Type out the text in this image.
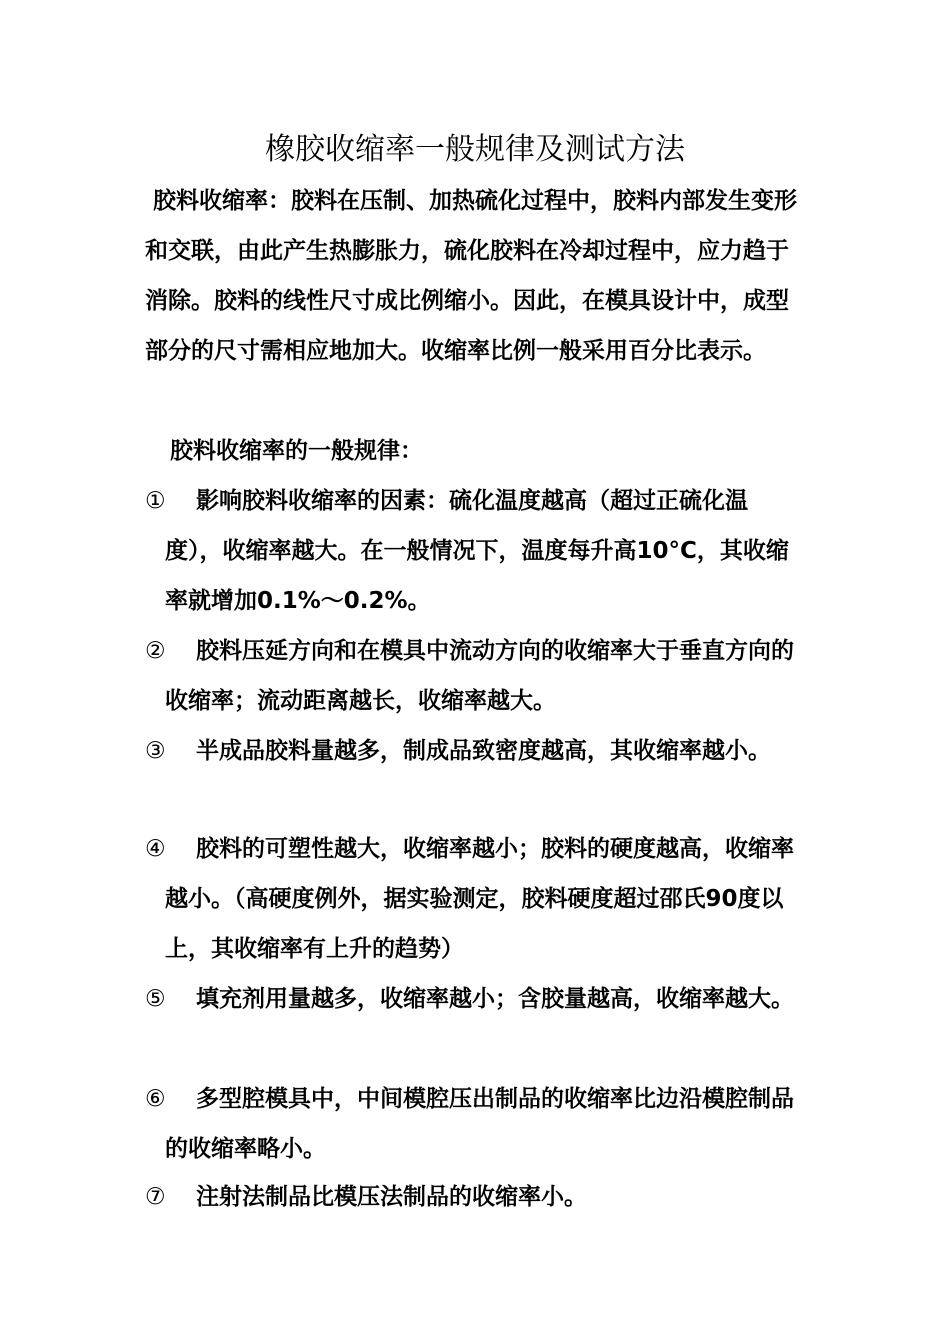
橡胶收缩率一般规律及测试方法
胶料收缩率：胶料在压制、加热硫化过程中，胶料内部发生变形和交联，由此产生热膨胀力，硫化胶料在冷却过程中，应力趋于消除。胶料的线性尺寸成比例缩小。因此，在模具设计中，成型部分的尺寸需相应地加大。收缩率比例一般采用百分比表示。
胶料收缩率的一般规律：
①	影响胶料收缩率的因素：硫化温度越高（超过正硫化温度），收缩率越大。在一般情况下，温度每升高10°C，其收缩率就增加0.1%～0.2%。
②	胶料压延方向和在模具中流动方向的收缩率大于垂直方向的收缩率；流动距离越长，收缩率越大。
③	半成品胶料量越多，制成品致密度越高，其收缩率越小。
④	胶料的可塑性越大，收缩率越小；胶料的硬度越高，收缩率越小。（高硬度例外，据实验测定，胶料硬度超过邵氏90度以上，其收缩率有上升的趋势）
⑤	填充剂用量越多，收缩率越小；含胶量越高，收缩率越大。
⑥	多型腔模具中，中间模腔压出制品的收缩率比边沿模腔制品的收缩率略小。
⑦	注射法制品比模压法制品的收缩率小。
